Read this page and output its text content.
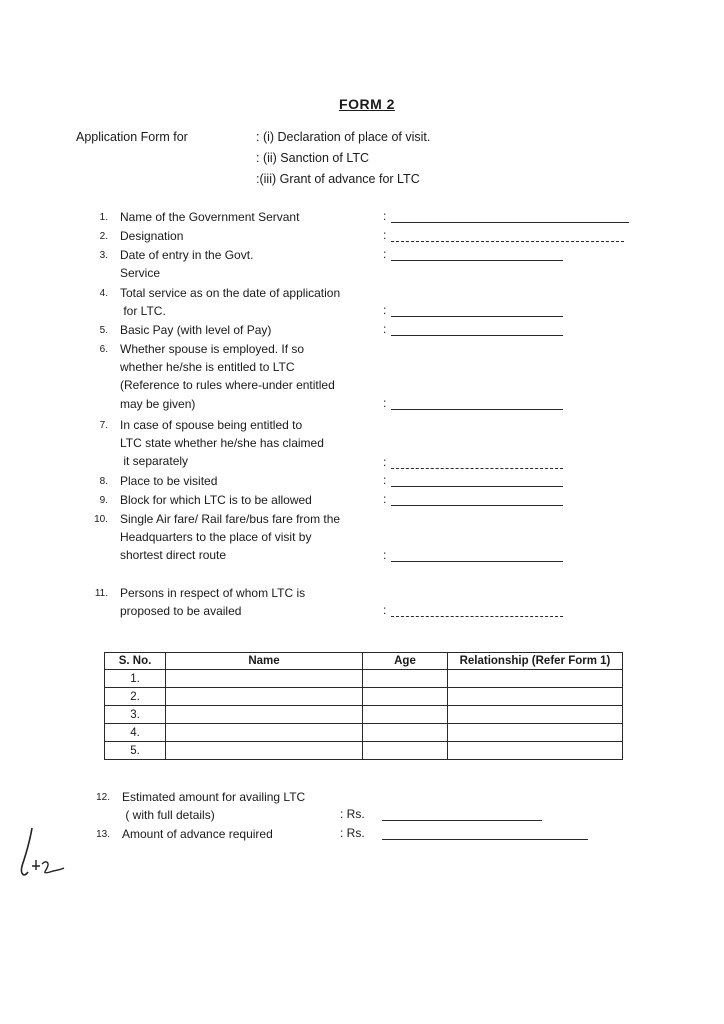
FORM 2
Application Form for	: (i) Declaration of place of visit.
: (ii) Sanction of LTC
:(iii) Grant of advance for LTC
1. Name of the Government Servant	:
2. Designation	:
3. Date of entry in the Govt.
Service
:
4. Total service as on the date of application
for LTC.	:
5. Basic Pay (with level of Pay)	:
6. Whether spouse is employed. If so
whether he/she is entitled to LTC
(Reference to rules where-under entitled
may be given)	:
7. In case of spouse being entitled to
LTC state whether he/she has claimed
it separately	:
8. Place to be visited	:
9. Block for which LTC is to be allowed	:
10. Single Air fare/ Rail fare/bus fare from the
Headquarters to the place of visit by
shortest direct route	:
11. Persons in respect of whom LTC is
proposed to be availed	:
S. No.	Name	Age	Relationship (Refer Form 1)
1.			
2.			
3.			
4.			
5.			
12. Estimated amount for availing LTC
( with full details)	: Rs.
13. Amount of advance required	: Rs.
